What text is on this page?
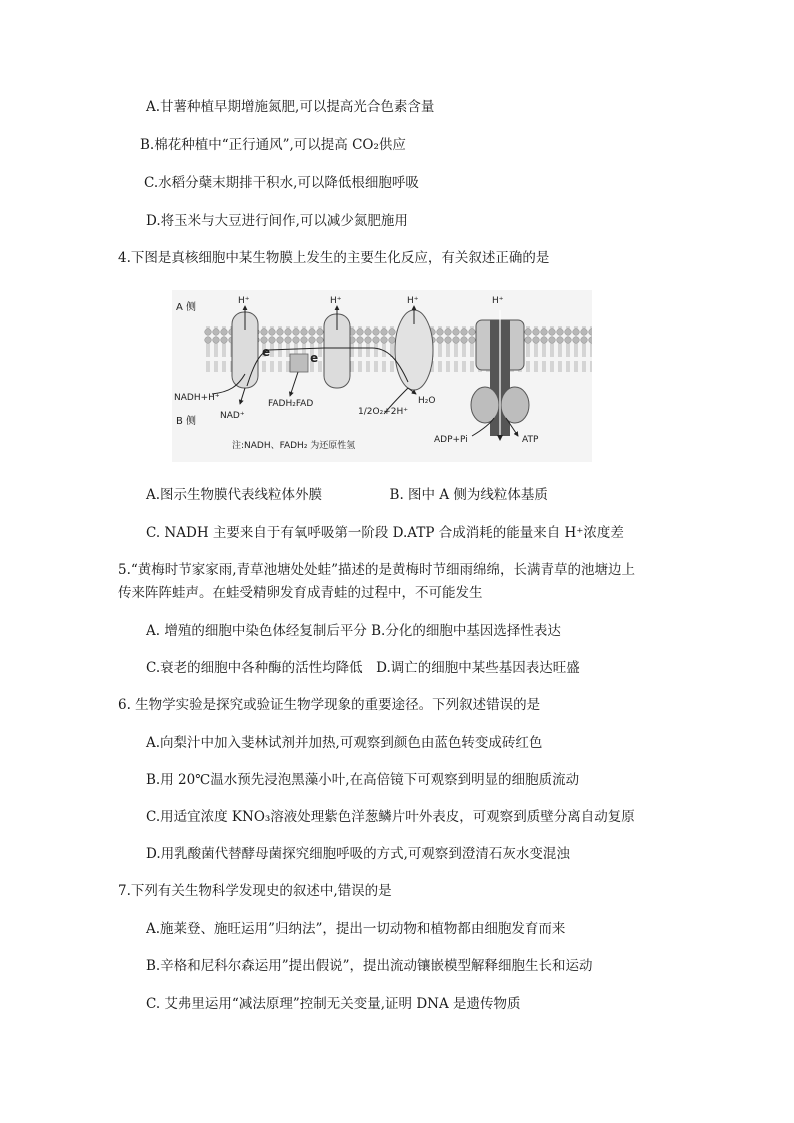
A.甘薯种植早期增施氮肥,可以提高光合色素含量
B.棉花种植中“正行通风”,可以提高 CO₂供应
C.水稻分蘖末期排干积水,可以降低根细胞呼吸
D.将玉米与大豆进行间作,可以减少氮肥施用
4.下图是真核细胞中某生物膜上发生的主要生化反应，有关叙述正确的是
A 侧
B 侧
H⁺	H⁺	H⁺	H⁺
e	e
NADH+H⁺
NAD⁺
FADH₂FAD
1/2O₂+2H⁺
H₂O
ADP+Pi	ATP
注:NADH、FADH₂ 为还原性氢
A.图示生物膜代表线粒体外膜　　　　　B. 图中 A 侧为线粒体基质
C. NADH 主要来自于有氧呼吸第一阶段 D.ATP 合成消耗的能量来自 H⁺浓度差
5.“黄梅时节家家雨,青草池塘处处蛙”描述的是黄梅时节细雨绵绵，长满青草的池塘边上
传来阵阵蛙声。在蛙受精卵发育成青蛙的过程中，不可能发生
A. 增殖的细胞中染色体经复制后平分 B.分化的细胞中基因选择性表达
C.衰老的细胞中各种酶的活性均降低　D.调亡的细胞中某些基因表达旺盛
6. 生物学实验是探究或验证生物学现象的重要途径。下列叙述错误的是
A.向梨汁中加入斐林试剂并加热,可观察到颜色由蓝色转变成砖红色
B.用 20℃温水预先浸泡黑藻小叶,在高倍镜下可观察到明显的细胞质流动
C.用适宜浓度 KNO₃溶液处理紫色洋葱鳞片叶外表皮，可观察到质壁分离自动复原
D.用乳酸菌代替酵母菌探究细胞呼吸的方式,可观察到澄清石灰水变混浊
7.下列有关生物科学发现史的叙述中,错误的是
A.施莱登、施旺运用”归纳法”，提出一切动物和植物都由细胞发育而来
B.辛格和尼科尔森运用”提出假说”，提出流动镶嵌模型解释细胞生长和运动
C. 艾弗里运用“减法原理”控制无关变量,证明 DNA 是遗传物质
